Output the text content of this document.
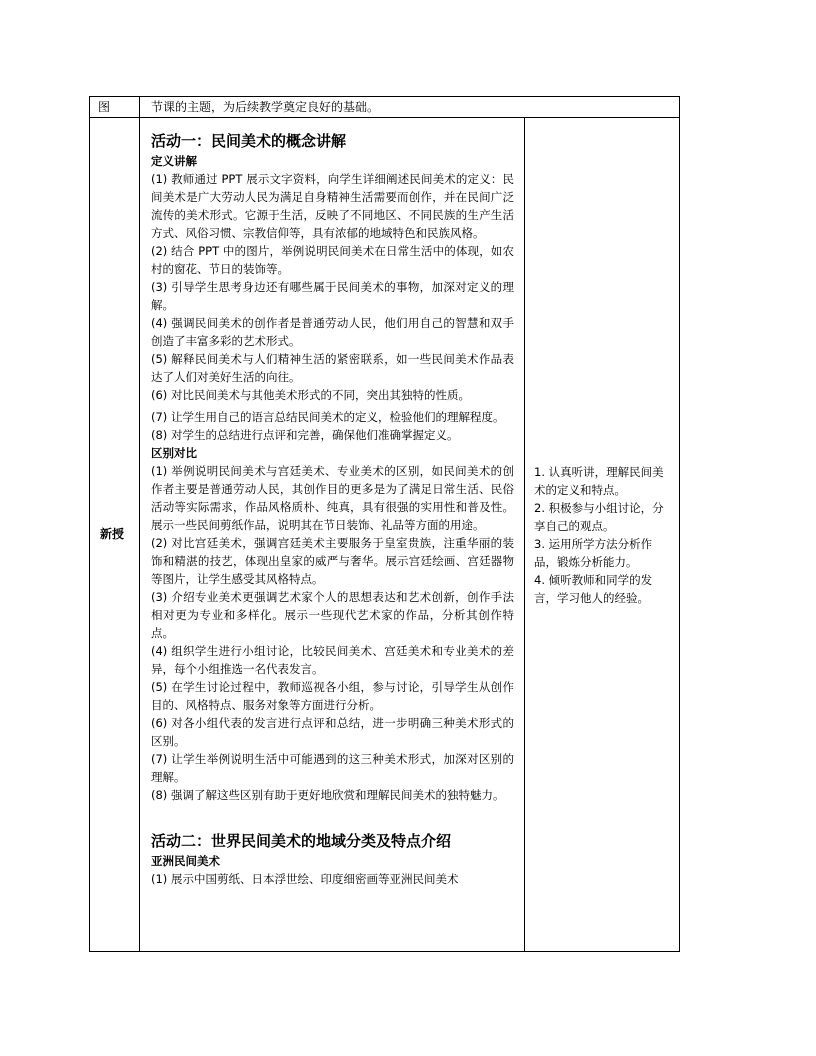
图	节课的主题，为后续教学奠定良好的基础。
新授

活动一：民间美术的概念讲解

定义讲解

(1) 教师通过 PPT 展示文字资料，向学生详细阐述民间美术的定义：民间美术是广大劳动人民为满足自身精神生活需要而创作，并在民间广泛流传的美术形式。它源于生活，反映了不同地区、不同民族的生产生活方式、风俗习惯、宗教信仰等，具有浓郁的地域特色和民族风格。

(2) 结合 PPT 中的图片，举例说明民间美术在日常生活中的体现，如农村的窗花、节日的装饰等。

(3) 引导学生思考身边还有哪些属于民间美术的事物，加深对定义的理解。

(4) 强调民间美术的创作者是普通劳动人民，他们用自己的智慧和双手创造了丰富多彩的艺术形式。

(5) 解释民间美术与人们精神生活的紧密联系，如一些民间美术作品表达了人们对美好生活的向往。

(6) 对比民间美术与其他美术形式的不同，突出其独特的性质。

(7) 让学生用自己的语言总结民间美术的定义，检验他们的理解程度。

(8) 对学生的总结进行点评和完善，确保他们准确掌握定义。

区别对比

(1) 举例说明民间美术与宫廷美术、专业美术的区别，如民间美术的创作者主要是普通劳动人民，其创作目的更多是为了满足日常生活、民俗活动等实际需求，作品风格质朴、纯真，具有很强的实用性和普及性。展示一些民间剪纸作品，说明其在节日装饰、礼品等方面的用途。

(2) 对比宫廷美术，强调宫廷美术主要服务于皇室贵族，注重华丽的装饰和精湛的技艺，体现出皇家的威严与奢华。展示宫廷绘画、宫廷器物等图片，让学生感受其风格特点。

(3) 介绍专业美术更强调艺术家个人的思想表达和艺术创新，创作手法相对更为专业和多样化。展示一些现代艺术家的作品，分析其创作特点。

(4) 组织学生进行小组讨论，比较民间美术、宫廷美术和专业美术的差异，每个小组推选一名代表发言。

(5) 在学生讨论过程中，教师巡视各小组，参与讨论，引导学生从创作目的、风格特点、服务对象等方面进行分析。

(6) 对各小组代表的发言进行点评和总结，进一步明确三种美术形式的区别。

(7) 让学生举例说明生活中可能遇到的这三种美术形式，加深对区别的理解。

(8) 强调了解这些区别有助于更好地欣赏和理解民间美术的独特魅力。

活动二：世界民间美术的地域分类及特点介绍

亚洲民间美术

(1) 展示中国剪纸、日本浮世绘、印度细密画等亚洲民间美术

1. 认真听讲，理解民间美术的定义和特点。

2. 积极参与小组讨论，分享自己的观点。

3. 运用所学方法分析作品，锻炼分析能力。

4. 倾听教师和同学的发言，学习他人的经验。
